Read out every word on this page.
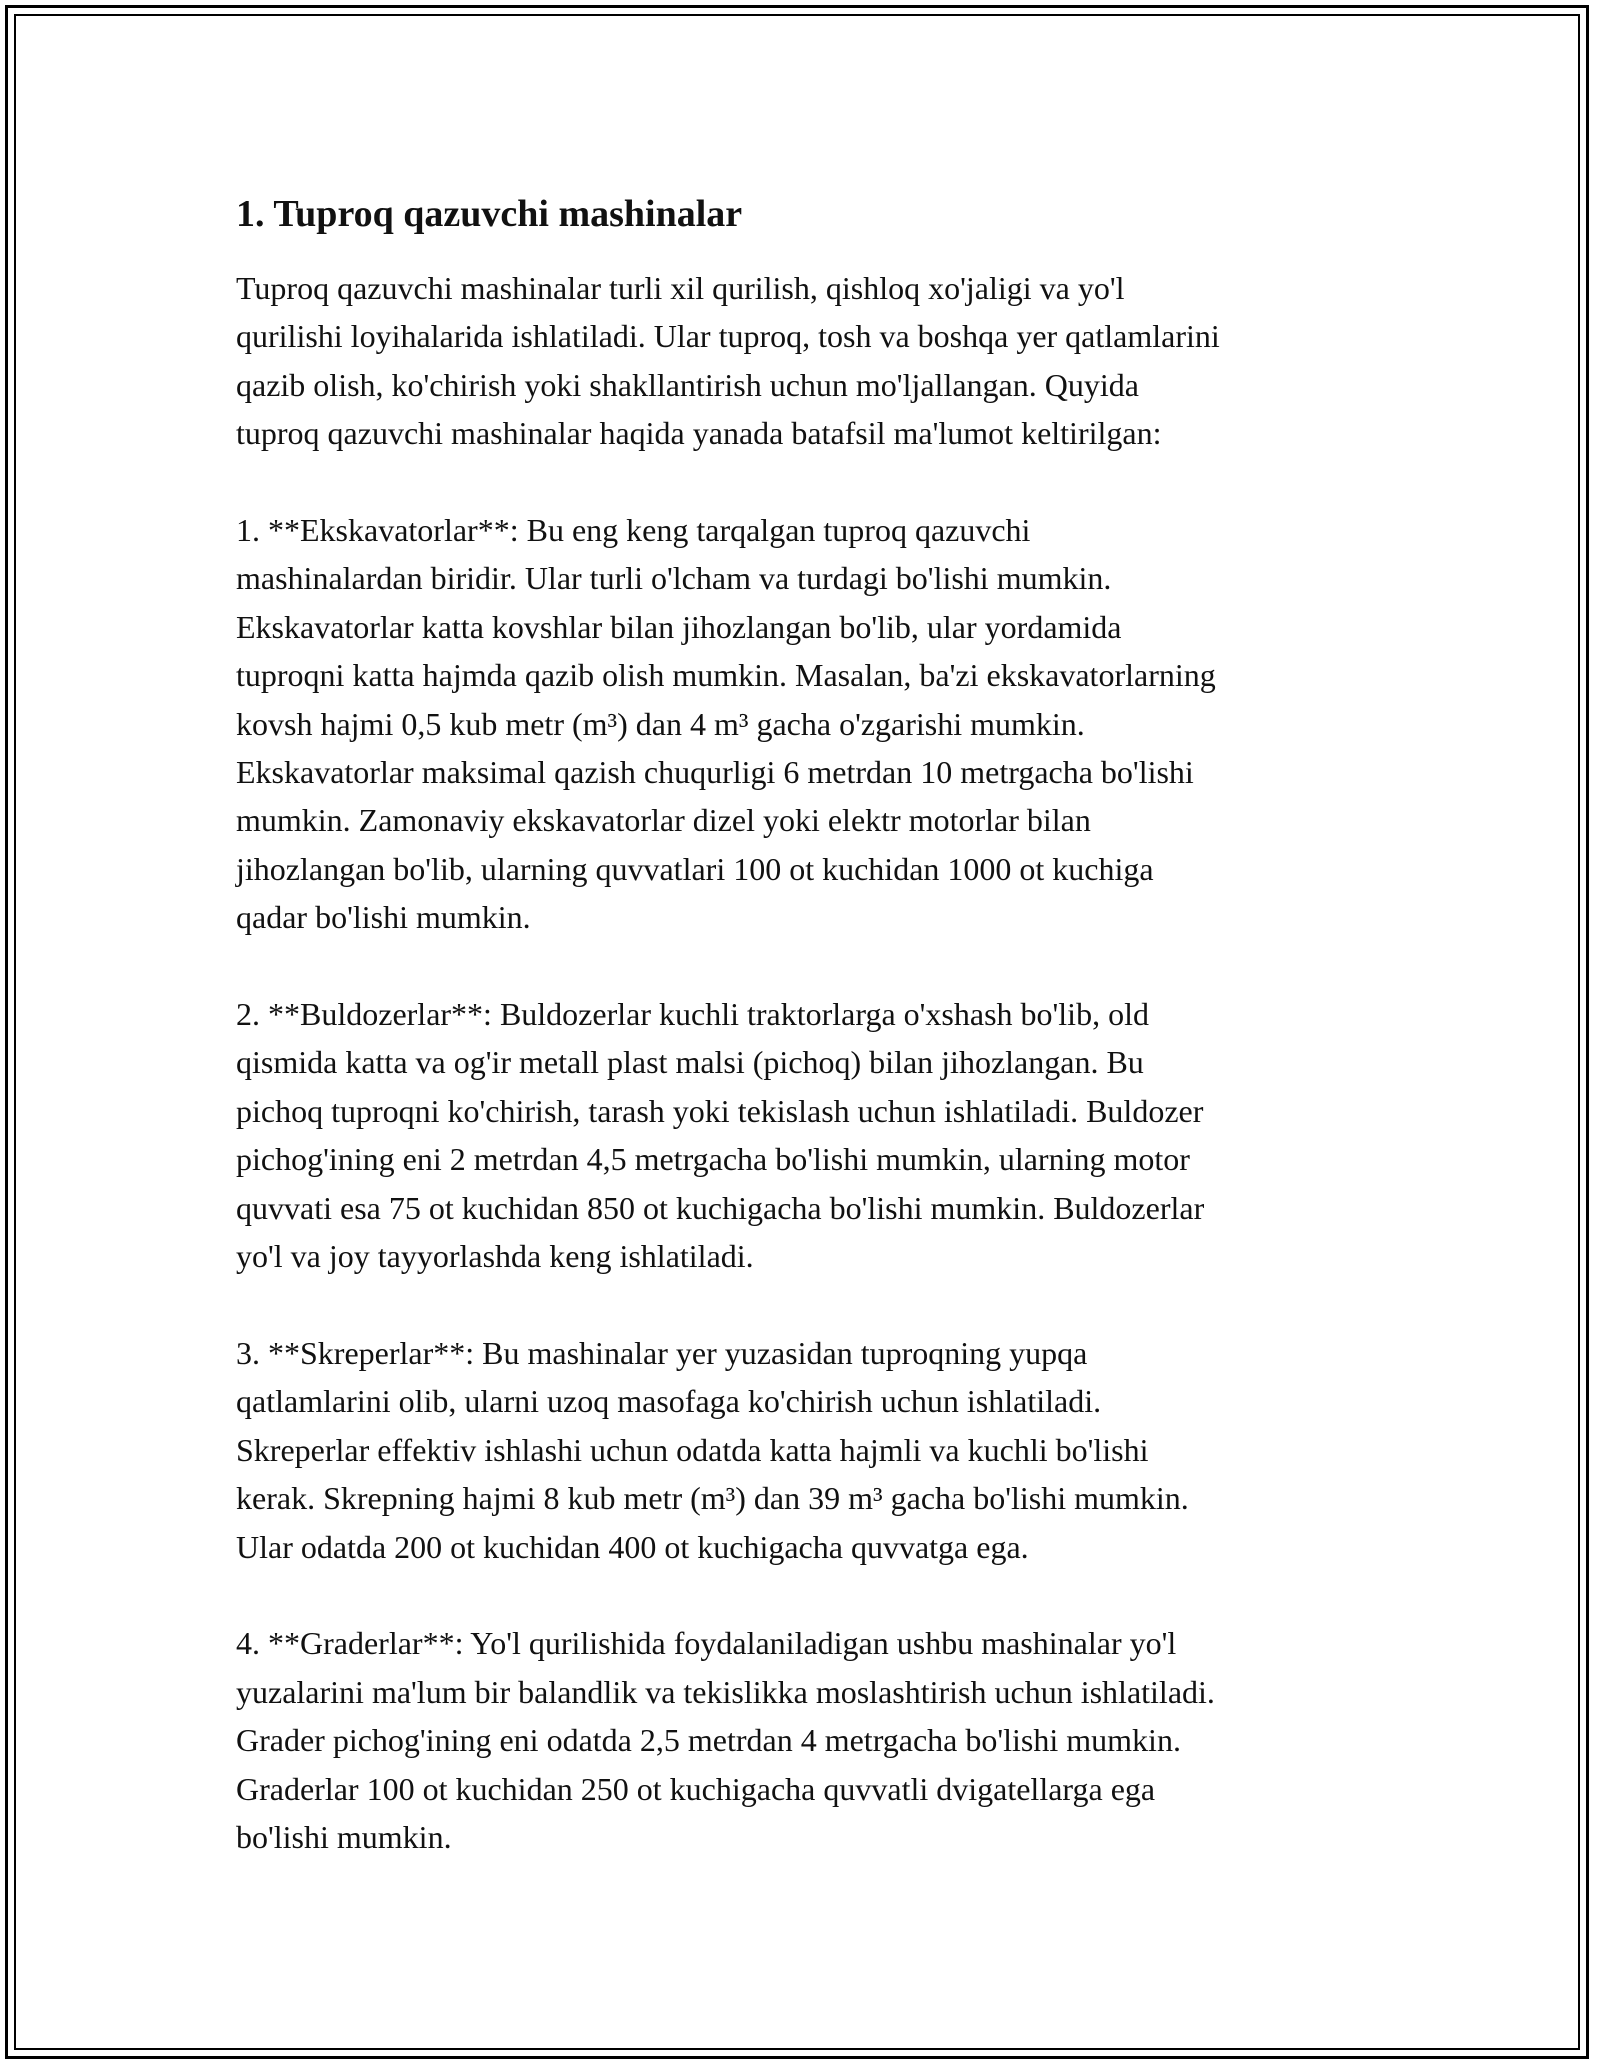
1. Tuproq qazuvchi mashinalar

Tuproq qazuvchi mashinalar turli xil qurilish, qishloq xo'jaligi va yo'l
qurilishi loyihalarida ishlatiladi. Ular tuproq, tosh va boshqa yer qatlamlarini
qazib olish, ko'chirish yoki shakllantirish uchun mo'ljallangan. Quyida
tuproq qazuvchi mashinalar haqida yanada batafsil ma'lumot keltirilgan:

1. **Ekskavatorlar**: Bu eng keng tarqalgan tuproq qazuvchi
mashinalardan biridir. Ular turli o'lcham va turdagi bo'lishi mumkin.
Ekskavatorlar katta kovshlar bilan jihozlangan bo'lib, ular yordamida
tuproqni katta hajmda qazib olish mumkin. Masalan, ba'zi ekskavatorlarning
kovsh hajmi 0,5 kub metr (m³) dan 4 m³ gacha o'zgarishi mumkin.
Ekskavatorlar maksimal qazish chuqurligi 6 metrdan 10 metrgacha bo'lishi
mumkin. Zamonaviy ekskavatorlar dizel yoki elektr motorlar bilan
jihozlangan bo'lib, ularning quvvatlari 100 ot kuchidan 1000 ot kuchiga
qadar bo'lishi mumkin.

2. **Buldozerlar**: Buldozerlar kuchli traktorlarga o'xshash bo'lib, old
qismida katta va og'ir metall plast malsi (pichoq) bilan jihozlangan. Bu
pichoq tuproqni ko'chirish, tarash yoki tekislash uchun ishlatiladi. Buldozer
pichog'ining eni 2 metrdan 4,5 metrgacha bo'lishi mumkin, ularning motor
quvvati esa 75 ot kuchidan 850 ot kuchigacha bo'lishi mumkin. Buldozerlar
yo'l va joy tayyorlashda keng ishlatiladi.

3. **Skreperlar**: Bu mashinalar yer yuzasidan tuproqning yupqa
qatlamlarini olib, ularni uzoq masofaga ko'chirish uchun ishlatiladi.
Skreperlar effektiv ishlashi uchun odatda katta hajmli va kuchli bo'lishi
kerak. Skrepning hajmi 8 kub metr (m³) dan 39 m³ gacha bo'lishi mumkin.
Ular odatda 200 ot kuchidan 400 ot kuchigacha quvvatga ega.

4. **Graderlar**: Yo'l qurilishida foydalaniladigan ushbu mashinalar yo'l
yuzalarini ma'lum bir balandlik va tekislikka moslashtirish uchun ishlatiladi.
Grader pichog'ining eni odatda 2,5 metrdan 4 metrgacha bo'lishi mumkin.
Graderlar 100 ot kuchidan 250 ot kuchigacha quvvatli dvigatellarga ega
bo'lishi mumkin.
